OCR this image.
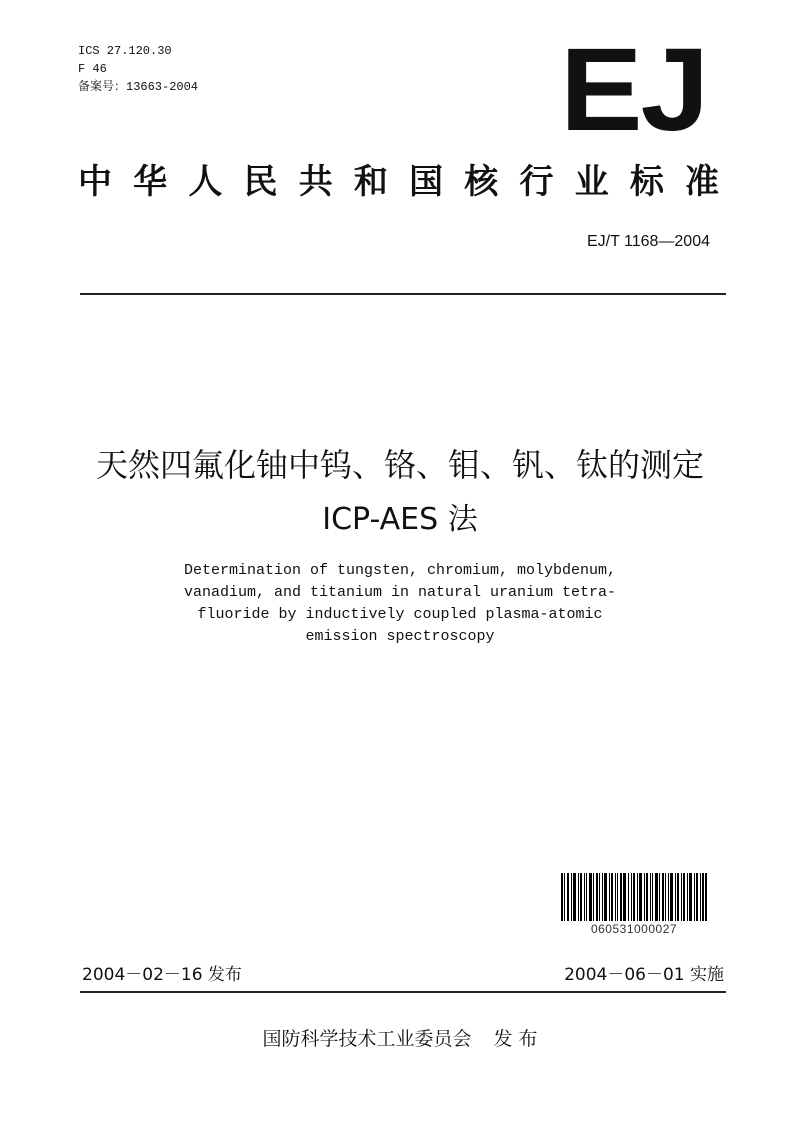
ICS 27.120.30
F 46
备案号：13663-2004	EJ
中华人民共和国核行业标准
EJ/T 1168—2004
天然四氟化铀中钨、铬、钼、钒、钛的测定
ICP-AES 法
Determination of tungsten, chromium, molybdenum,
vanadium, and titanium in natural uranium tetra-
fluoride by inductively coupled plasma-atomic
emission spectroscopy
060531000027
2004－02－16 发布	2004－06－01 实施
国防科学技术工业委员会 发 布
